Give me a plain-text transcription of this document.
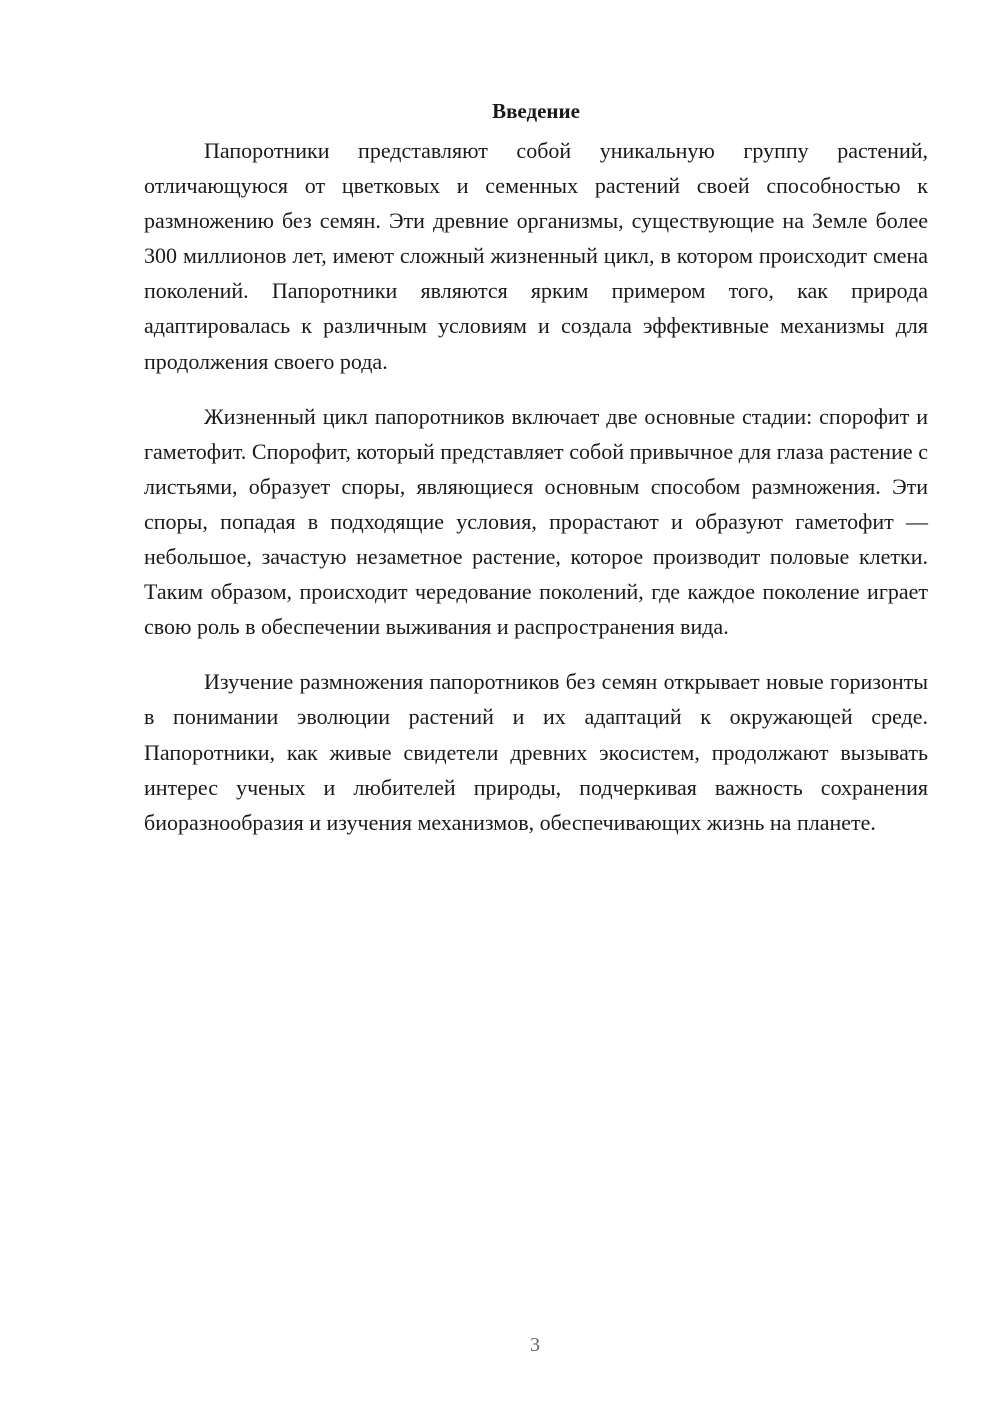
Введение

Папоротники представляют собой уникальную группу растений, отличающуюся от цветковых и семенных растений своей способностью к размножению без семян. Эти древние организмы, существующие на Земле более 300 миллионов лет, имеют сложный жизненный цикл, в котором происходит смена поколений. Папоротники являются ярким примером того, как природа адаптировалась к различным условиям и создала эффективные механизмы для продолжения своего рода.

Жизненный цикл папоротников включает две основные стадии: спорофит и гаметофит. Спорофит, который представляет собой привычное для глаза растение с листьями, образует споры, являющиеся основным способом размножения. Эти споры, попадая в подходящие условия, прорастают и образуют гаметофит — небольшое, зачастую незаметное растение, которое производит половые клетки. Таким образом, происходит чередование поколений, где каждое поколение играет свою роль в обеспечении выживания и распространения вида.

Изучение размножения папоротников без семян открывает новые горизонты в понимании эволюции растений и их адаптаций к окружающей среде. Папоротники, как живые свидетели древних экосистем, продолжают вызывать интерес ученых и любителей природы, подчеркивая важность сохранения биоразнообразия и изучения механизмов, обеспечивающих жизнь на планете.

3
